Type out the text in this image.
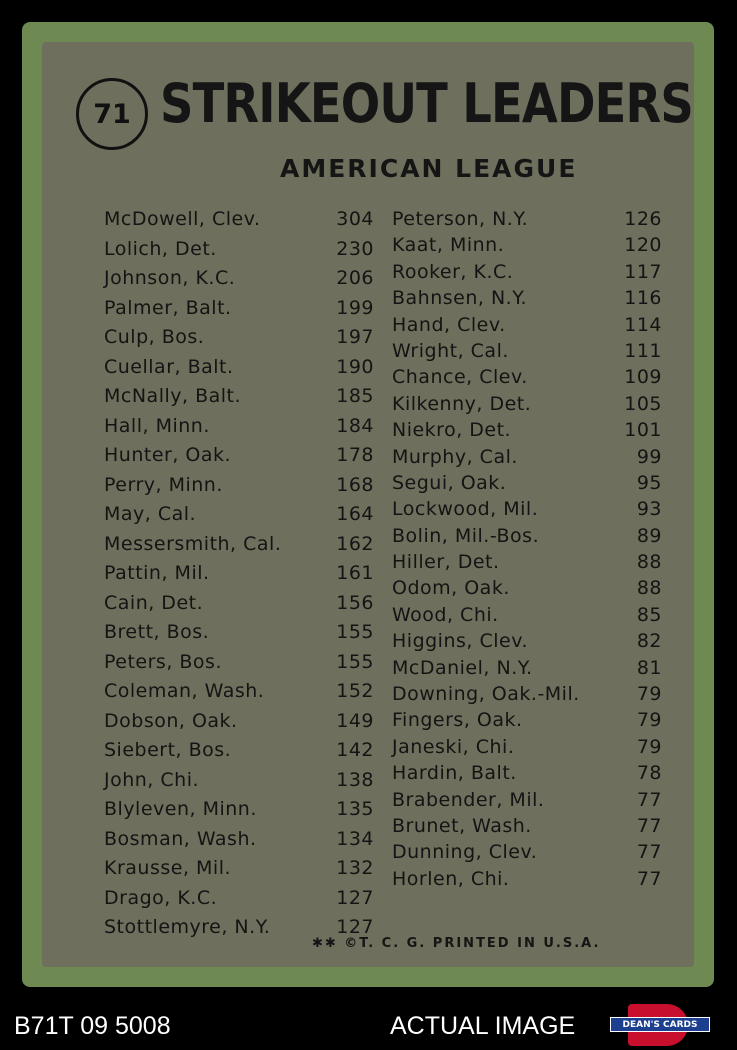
71 STRIKEOUT LEADERS
AMERICAN LEAGUE
McDowell, Clev.	304
Lolich, Det.	230
Johnson, K.C.	206
Palmer, Balt.	199
Culp, Bos.	197
Cuellar, Balt.	190
McNally, Balt.	185
Hall, Minn.	184
Hunter, Oak.	178
Perry, Minn.	168
May, Cal.	164
Messersmith, Cal.	162
Pattin, Mil.	161
Cain, Det.	156
Brett, Bos.	155
Peters, Bos.	155
Coleman, Wash.	152
Dobson, Oak.	149
Siebert, Bos.	142
John, Chi.	138
Blyleven, Minn.	135
Bosman, Wash.	134
Krausse, Mil.	132
Drago, K.C.	127
Stottlemyre, N.Y.	127
Peterson, N.Y.	126
Kaat, Minn.	120
Rooker, K.C.	117
Bahnsen, N.Y.	116
Hand, Clev.	114
Wright, Cal.	111
Chance, Clev.	109
Kilkenny, Det.	105
Niekro, Det.	101
Murphy, Cal.	99
Segui, Oak.	95
Lockwood, Mil.	93
Bolin, Mil.-Bos.	89
Hiller, Det.	88
Odom, Oak.	88
Wood, Chi.	85
Higgins, Clev.	82
McDaniel, N.Y.	81
Downing, Oak.-Mil.	79
Fingers, Oak.	79
Janeski, Chi.	79
Hardin, Balt.	78
Brabender, Mil.	77
Brunet, Wash.	77
Dunning, Clev.	77
Horlen, Chi.	77
✱✱ ©T. C. G. PRINTED IN U.S.A.
B71T 09 5008	ACTUAL IMAGE	DEAN'S CARDS
